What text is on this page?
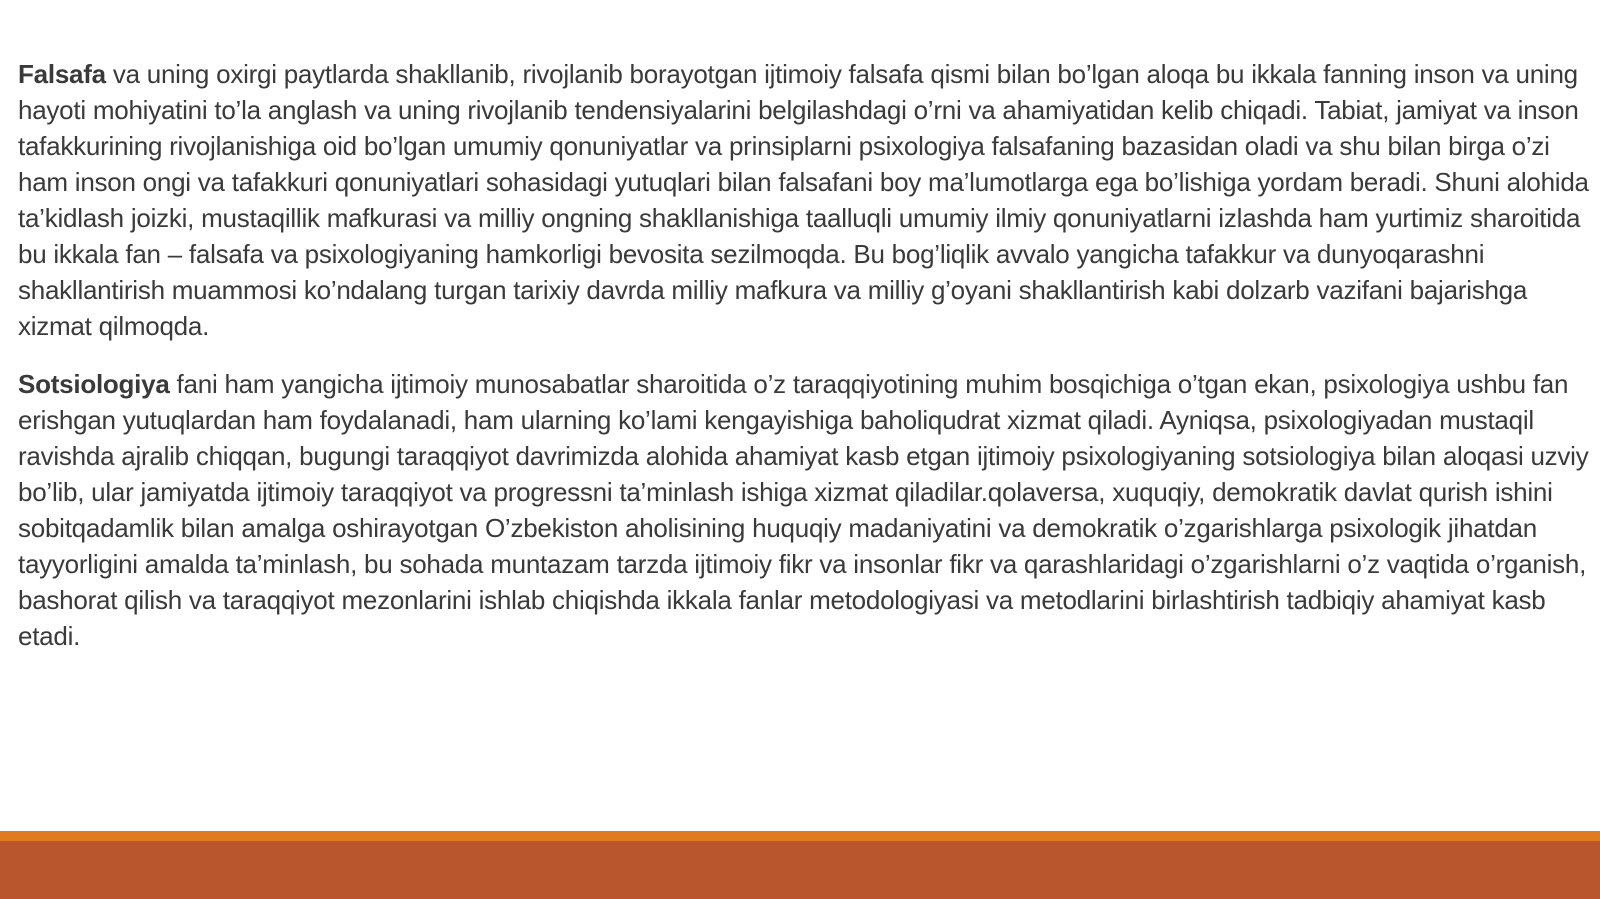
Falsafa va uning oxirgi paytlarda shakllanib, rivojlanib borayotgan ijtimoiy falsafa qismi bilan bo’lgan aloqa bu ikkala fanning inson va uning hayoti mohiyatini to’la anglash va uning rivojlanib tendensiyalarini belgilashdagi o’rni va ahamiyatidan kelib chiqadi. Tabiat, jamiyat va inson tafakkurining rivojlanishiga oid bo’lgan umumiy qonuniyatlar va prinsiplarni psixologiya falsafaning bazasidan oladi va shu bilan birga o’zi ham inson ongi va tafakkuri qonuniyatlari sohasidagi yutuqlari bilan falsafani boy ma’lumotlarga ega bo’lishiga yordam beradi. Shuni alohida ta’kidlash joizki, mustaqillik mafkurasi va milliy ongning shakllanishiga taalluqli umumiy ilmiy qonuniyatlarni izlashda ham yurtimiz sharoitida bu ikkala fan – falsafa va psixologiyaning hamkorligi bevosita sezilmoqda. Bu bog’liqlik avvalo yangicha tafakkur va dunyoqarashni shakllantirish muammosi ko’ndalang turgan tarixiy davrda milliy mafkura va milliy g’oyani shakllantirish kabi dolzarb vazifani bajarishga xizmat qilmoqda.

Sotsiologiya fani ham yangicha ijtimoiy munosabatlar sharoitida o’z taraqqiyotining muhim bosqichiga o’tgan ekan, psixologiya ushbu fan erishgan yutuqlardan ham foydalanadi, ham ularning ko’lami kengayishiga baholiqudrat xizmat qiladi. Ayniqsa, psixologiyadan mustaqil ravishda ajralib chiqqan, bugungi taraqqiyot davrimizda alohida ahamiyat kasb etgan ijtimoiy psixologiyaning sotsiologiya bilan aloqasi uzviy bo’lib, ular jamiyatda ijtimoiy taraqqiyot va progressni ta’minlash ishiga xizmat qiladilar.qolaversa, xuquqiy, demokratik davlat qurish ishini sobitqadamlik bilan amalga oshirayotgan O’zbekiston aholisining huquqiy madaniyatini va demokratik o’zgarishlarga psixologik jihatdan tayyorligini amalda ta’minlash, bu sohada muntazam tarzda ijtimoiy fikr va insonlar fikr va qarashlaridagi o’zgarishlarni o’z vaqtida o’rganish, bashorat qilish va taraqqiyot mezonlarini ishlab chiqishda ikkala fanlar metodologiyasi va metodlarini birlashtirish tadbiqiy ahamiyat kasb etadi.
